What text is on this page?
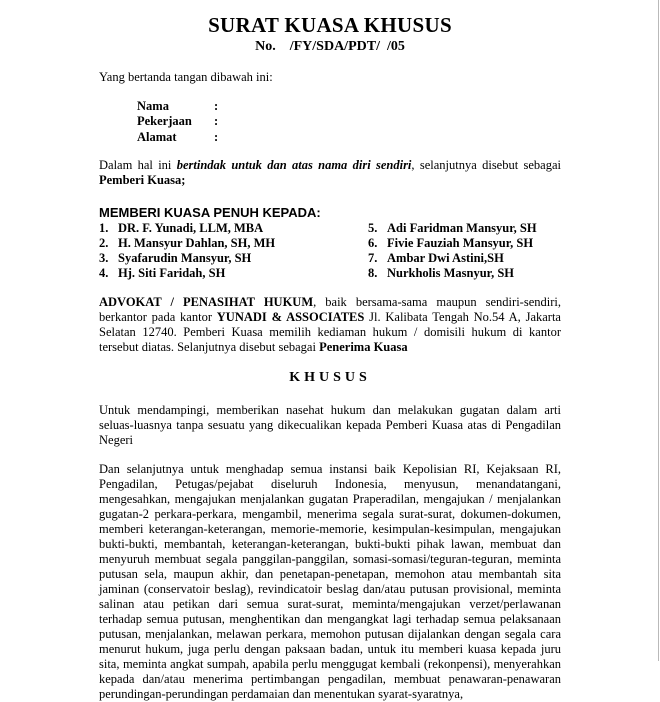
SURAT KUASA KHUSUS
No.    /FY/SDA/PDT/  /05
Yang bertanda tangan dibawah ini:
Nama	:
Pekerjaan :
Alamat	:
Dalam hal ini bertindak untuk dan atas nama diri sendiri, selanjutnya disebut sebagai Pemberi Kuasa;
MEMBERI KUASA PENUH KEPADA:
1. DR. F. Yunadi, LLM, MBA
2. H. Mansyur Dahlan, SH, MH
3. Syafarudin Mansyur, SH
4. Hj. Siti Faridah, SH
5. Adi Faridman Mansyur, SH
6. Fivie Fauziah Mansyur, SH
7. Ambar Dwi Astini,SH
8. Nurkholis Masnyur, SH
ADVOKAT / PENASIHAT HUKUM, baik bersama-sama maupun sendiri-sendiri, berkantor pada kantor YUNADI & ASSOCIATES Jl. Kalibata Tengah No.54 A, Jakarta Selatan 12740. Pemberi Kuasa memilih kediaman hukum / domisili hukum di kantor tersebut diatas. Selanjutnya disebut sebagai Penerima Kuasa
KHUSUS
Untuk mendampingi, memberikan nasehat hukum dan melakukan gugatan dalam arti seluas-luasnya tanpa sesuatu yang dikecualikan kepada Pemberi Kuasa atas di Pengadilan Negeri
Dan selanjutnya untuk menghadap semua instansi baik Kepolisian RI, Kejaksaan RI, Pengadilan, Petugas/pejabat diseluruh Indonesia, menyusun, menandatangani, mengesahkan, mengajukan menjalankan gugatan Praperadilan, mengajukan / menjalankan gugatan-2 perkara-perkara, mengambil, menerima segala surat-surat, dokumen-dokumen, memberi keterangan-keterangan, memorie-memorie, kesimpulan-kesimpulan, mengajukan bukti-bukti, membantah, keterangan-keterangan, bukti-bukti pihak lawan, membuat dan menyuruh membuat segala panggilan-panggilan, somasi-somasi/teguran-teguran, meminta putusan sela, maupun akhir, dan penetapan-penetapan, memohon atau membantah sita jaminan (conservatoir beslag), revindicatoir beslag dan/atau putusan provisional, meminta salinan atau petikan dari semua surat-surat, meminta/mengajukan verzet/perlawanan terhadap semua putusan, menghentikan dan mengangkat lagi terhadap semua pelaksanaan putusan, menjalankan, melawan perkara, memohon putusan dijalankan dengan segala cara menurut hukum, juga perlu dengan paksaan badan, untuk itu memberi kuasa kepada juru sita, meminta angkat sumpah, apabila perlu menggugat kembali (rekonpensi), menyerahkan kepada dan/atau menerima pertimbangan pengadilan, membuat penawaran-penawaran perundingan-perundingan perdamaian dan menentukan syarat-syaratnya,
